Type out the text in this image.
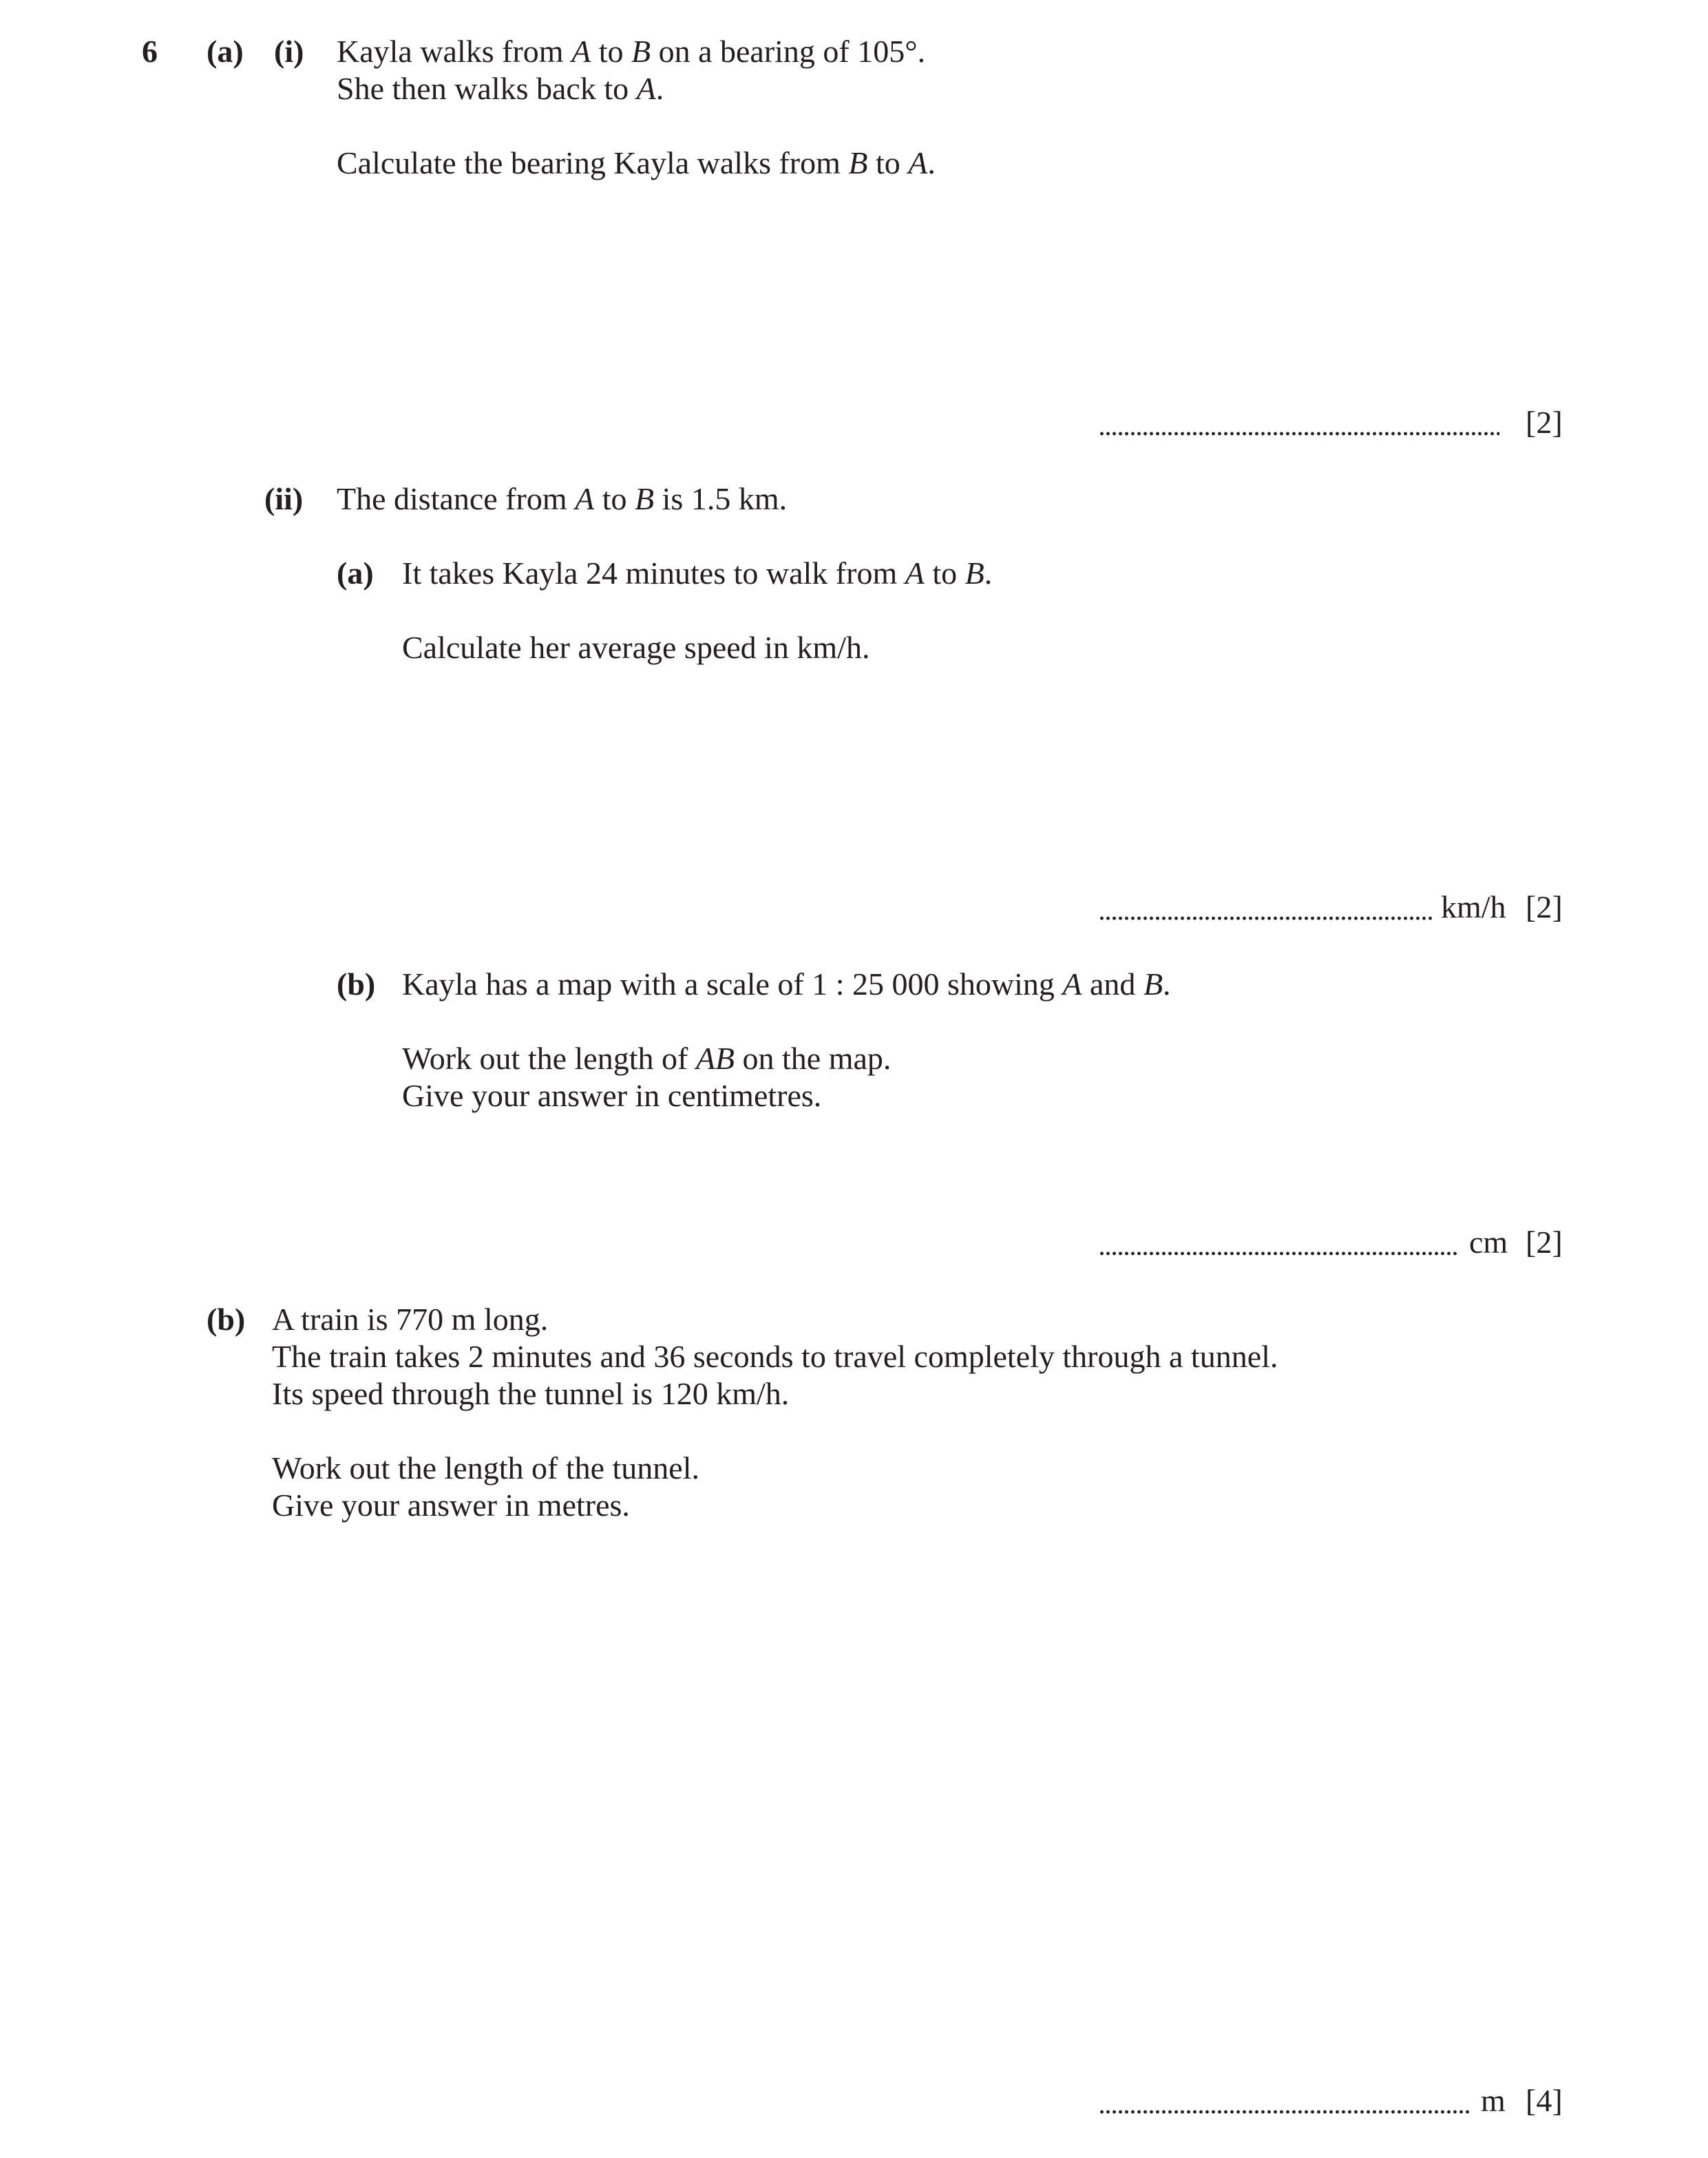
6 (a) (i) Kayla walks from A to B on a bearing of 105°.
She then walks back to A.
Calculate the bearing Kayla walks from B to A.
[2]
(ii) The distance from A to B is 1.5 km.
(a) It takes Kayla 24 minutes to walk from A to B.
Calculate her average speed in km/h.
km/h [2]
(b) Kayla has a map with a scale of 1 : 25 000 showing A and B.
Work out the length of AB on the map.
Give your answer in centimetres.
cm [2]
(b) A train is 770 m long.
The train takes 2 minutes and 36 seconds to travel completely through a tunnel.
Its speed through the tunnel is 120 km/h.
Work out the length of the tunnel.
Give your answer in metres.
m [4]
